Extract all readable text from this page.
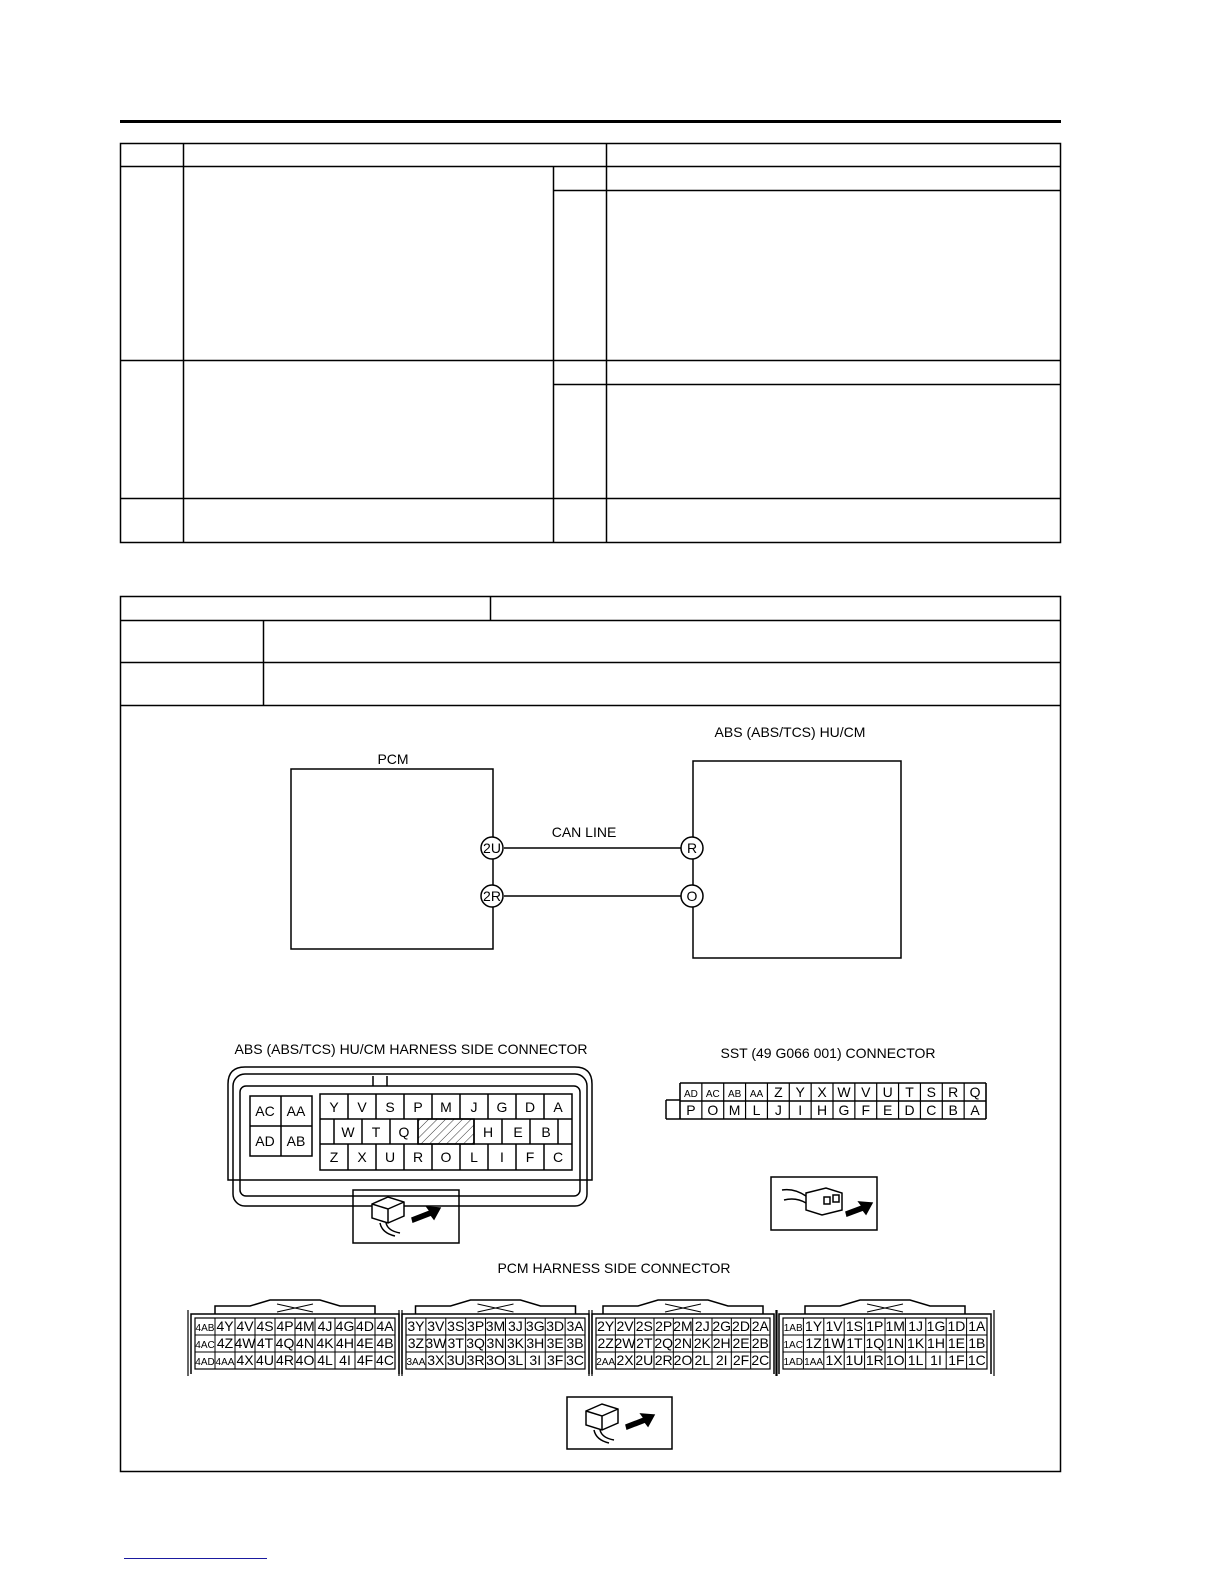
PCM
ABS (ABS/TCS) HU/CM
CAN LINE
2U
2R
R
O
ABS (ABS/TCS) HU/CM HARNESS SIDE CONNECTOR
AC AA
AD AB
Y V S P M J G D A
W T Q	H E B
Z X U R O L I F C
SST (49 G066 001) CONNECTOR
AD AC AB AA Z Y X W V U T S R Q
P O M L J I H G F E D C B A
PCM HARNESS SIDE CONNECTOR
4AB 4Y 4V 4S 4P 4M 4J 4G 4D 4A
4AC 4Z 4W 4T 4Q 4N 4K 4H 4E 4B
4AD 4AA 4X 4U 4R 4O 4L 4I 4F 4C
3Y 3V 3S 3P 3M 3J 3G 3D 3A
3Z 3W 3T 3Q 3N 3K 3H 3E 3B
3AA 3X 3U 3R 3O 3L 3I 3F 3C
2Y 2V 2S 2P 2M 2J 2G 2D 2A
2Z 2W 2T 2Q 2N 2K 2H 2E 2B
2AA 2X 2U 2R 2O 2L 2I 2F 2C
1AB 1Y 1V 1S 1P 1M 1J 1G 1D 1A
1AC 1Z 1W 1T 1Q 1N 1K 1H 1E 1B
1AD 1AA 1X 1U 1R 1O 1L 1I 1F 1C
